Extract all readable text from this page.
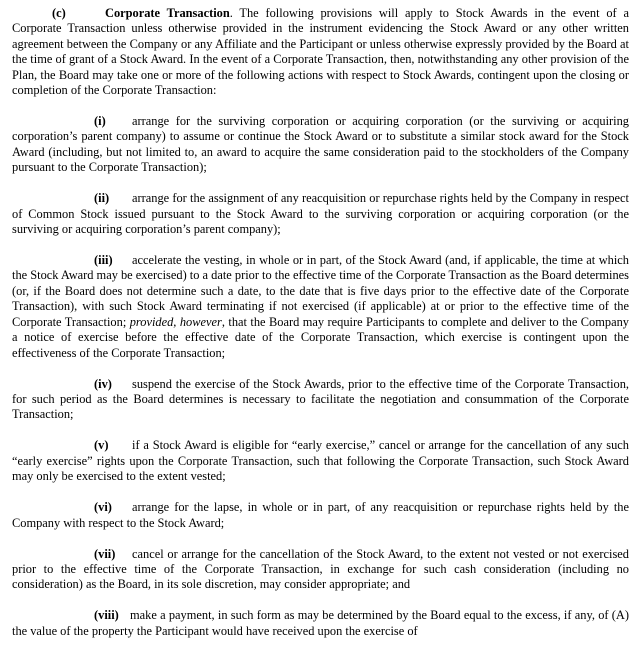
(c)	Corporate Transaction. The following provisions will apply to Stock Awards in the event of a Corporate Transaction unless otherwise provided in the instrument evidencing the Stock Award or any other written agreement between the Company or any Affiliate and the Participant or unless otherwise expressly provided by the Board at the time of grant of a Stock Award. In the event of a Corporate Transaction, then, notwithstanding any other provision of the Plan, the Board may take one or more of the following actions with respect to Stock Awards, contingent upon the closing or completion of the Corporate Transaction:

(i) arrange for the surviving corporation or acquiring corporation (or the surviving or acquiring corporation’s parent company) to assume or continue the Stock Award or to substitute a similar stock award for the Stock Award (including, but not limited to, an award to acquire the same consideration paid to the stockholders of the Company pursuant to the Corporate Transaction);

(ii) arrange for the assignment of any reacquisition or repurchase rights held by the Company in respect of Common Stock issued pursuant to the Stock Award to the surviving corporation or acquiring corporation (or the surviving or acquiring corporation’s parent company);

(iii) accelerate the vesting, in whole or in part, of the Stock Award (and, if applicable, the time at which the Stock Award may be exercised) to a date prior to the effective time of the Corporate Transaction as the Board determines (or, if the Board does not determine such a date, to the date that is five days prior to the effective date of the Corporate Transaction), with such Stock Award terminating if not exercised (if applicable) at or prior to the effective time of the Corporate Transaction; provided, however, that the Board may require Participants to complete and deliver to the Company a notice of exercise before the effective date of the Corporate Transaction, which exercise is contingent upon the effectiveness of the Corporate Transaction;

(iv) suspend the exercise of the Stock Awards, prior to the effective time of the Corporate Transaction, for such period as the Board determines is necessary to facilitate the negotiation and consummation of the Corporate Transaction;

(v) if a Stock Award is eligible for “early exercise,” cancel or arrange for the cancellation of any such “early exercise” rights upon the Corporate Transaction, such that following the Corporate Transaction, such Stock Award may only be exercised to the extent vested;

(vi) arrange for the lapse, in whole or in part, of any reacquisition or repurchase rights held by the Company with respect to the Stock Award;

(vii) cancel or arrange for the cancellation of the Stock Award, to the extent not vested or not exercised prior to the effective time of the Corporate Transaction, in exchange for such cash consideration (including no consideration) as the Board, in its sole discretion, may consider appropriate; and

(viii) make a payment, in such form as may be determined by the Board equal to the excess, if any, of (A) the value of the property the Participant would have received upon the exercise of
